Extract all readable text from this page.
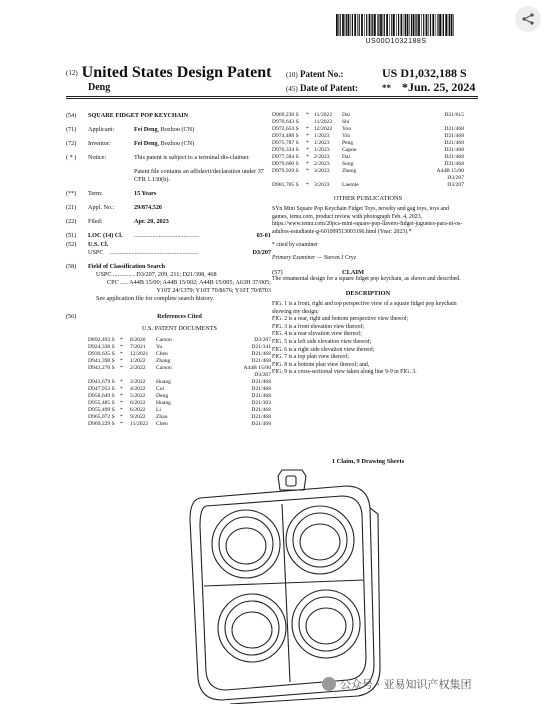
US00D1032188S
(12) United States Design Patent
Deng
(10) Patent No.:	US D1,032,188 S
(45) Date of Patent:	** *Jun. 25, 2024
(54)	SQUARE FIDGET POP KEYCHAIN
(71)	Applicant:	Fei Deng, Bozhou (CN)
(72)	Inventor:	Fei Deng, Bozhou (CN)
( * )	Notice:	This patent is subject to a terminal dis-claimer.
Patent file contains an affidavit/declaration under 37 CFR 1.130(b).
(**)	Term:	15 Years
(21)	Appl. No.:	29/874,526
(22)	Filed:	Apr. 20, 2023
(51)	LOC (14) Cl.	..........................................	03-01
(52)	U.S. Cl.
USPC	.........................................................	D3/207
(58)	Field of Classification Search
USPC .............. D3/207, 209, 211; D21/398, 468
CPC ..... A44B 15/00; A44B 15/002; A44B 15/005; A63H 37/005; Y10T 24/1379; Y10T 70/8676; Y10T 70/8703
See application file for complete search history.
(56)	References Cited
U.S. PATENT DOCUMENTS
D892,493 S *	8/2020	Carson	D3/207
D924,336 S *	7/2021	Yu	D21/341
D939,635 S *	12/2021	Chen	D21/468
D941,398 S *	1/2022	Zhang	D21/468
D943,270 S *	2/2022	Carson	A44B 15/00
D3/207
D943,679 S *	2/2022	Huang	D21/468
D947,953 S *	4/2022	Cui	D21/468
D950,649 S *	5/2022	Deng	D21/468
D955,485 S *	6/2022	Huang	D21/303
D955,499 S *	6/2022	Li	D21/468
D965,072 S *	9/2022	Zhao	D21/468
D969,229 S *	11/2022	Chen	D21/468
D969,230 S	* 11/2022	Dai	D21/615
D970,643 S	11/2022	Shi
D972,654 S	* 12/2022	You	D21/468
D974,488 S	* 1/2023	Yin	D21/468
D975,787 S	* 1/2023	Peng	D21/468
D976,334 S	* 1/2023	Capon	D21/468
D977,584 S	* 2/2023	Dai	D21/468
D979,660 S	* 2/2023	Song	D21/468
D979,929 S	* 3/2023	Zheng	A44B 15/00
D3/207
D981,705 S	* 3/2023	Laemle	D3/207
OTHER PUBLICATIONS
SYn Mini Square Pop Keychain Fidget Toys, novelty and gag toys, toys and games, temu.com, product review with photograph Feb. 4, 2023, https://www.temu.com/20pcs-mini-square-pop-llavero-fidget-juguetes-para-ni-os-adultos-estudiante-g-601099513003196.html (Year: 2023).*
* cited by examiner
Primary Examiner — Steven J Cryz
(57)	CLAIM
The ornamental design for a square fidget pop keychain, as shown and described.
DESCRIPTION
FIG. 1 is a front, right and top perspective view of a square fidget pop keychain showing my design;
FIG. 2 is a rear, right and bottom perspective view thereof;
FIG. 3 is a front elevation view thereof;
FIG. 4 is a rear elevation view thereof;
FIG. 5 is a left side elevation view thereof;
FIG. 6 is a right side elevation view thereof;
FIG. 7 is a top plan view thereof;
FIG. 8 is a bottom plan view thereof; and,
FIG. 9 is a cross-sectional view taken along line 9-9 in FIG. 3.
1 Claim, 9 Drawing Sheets
公众号 · 亚易知识产权集团
